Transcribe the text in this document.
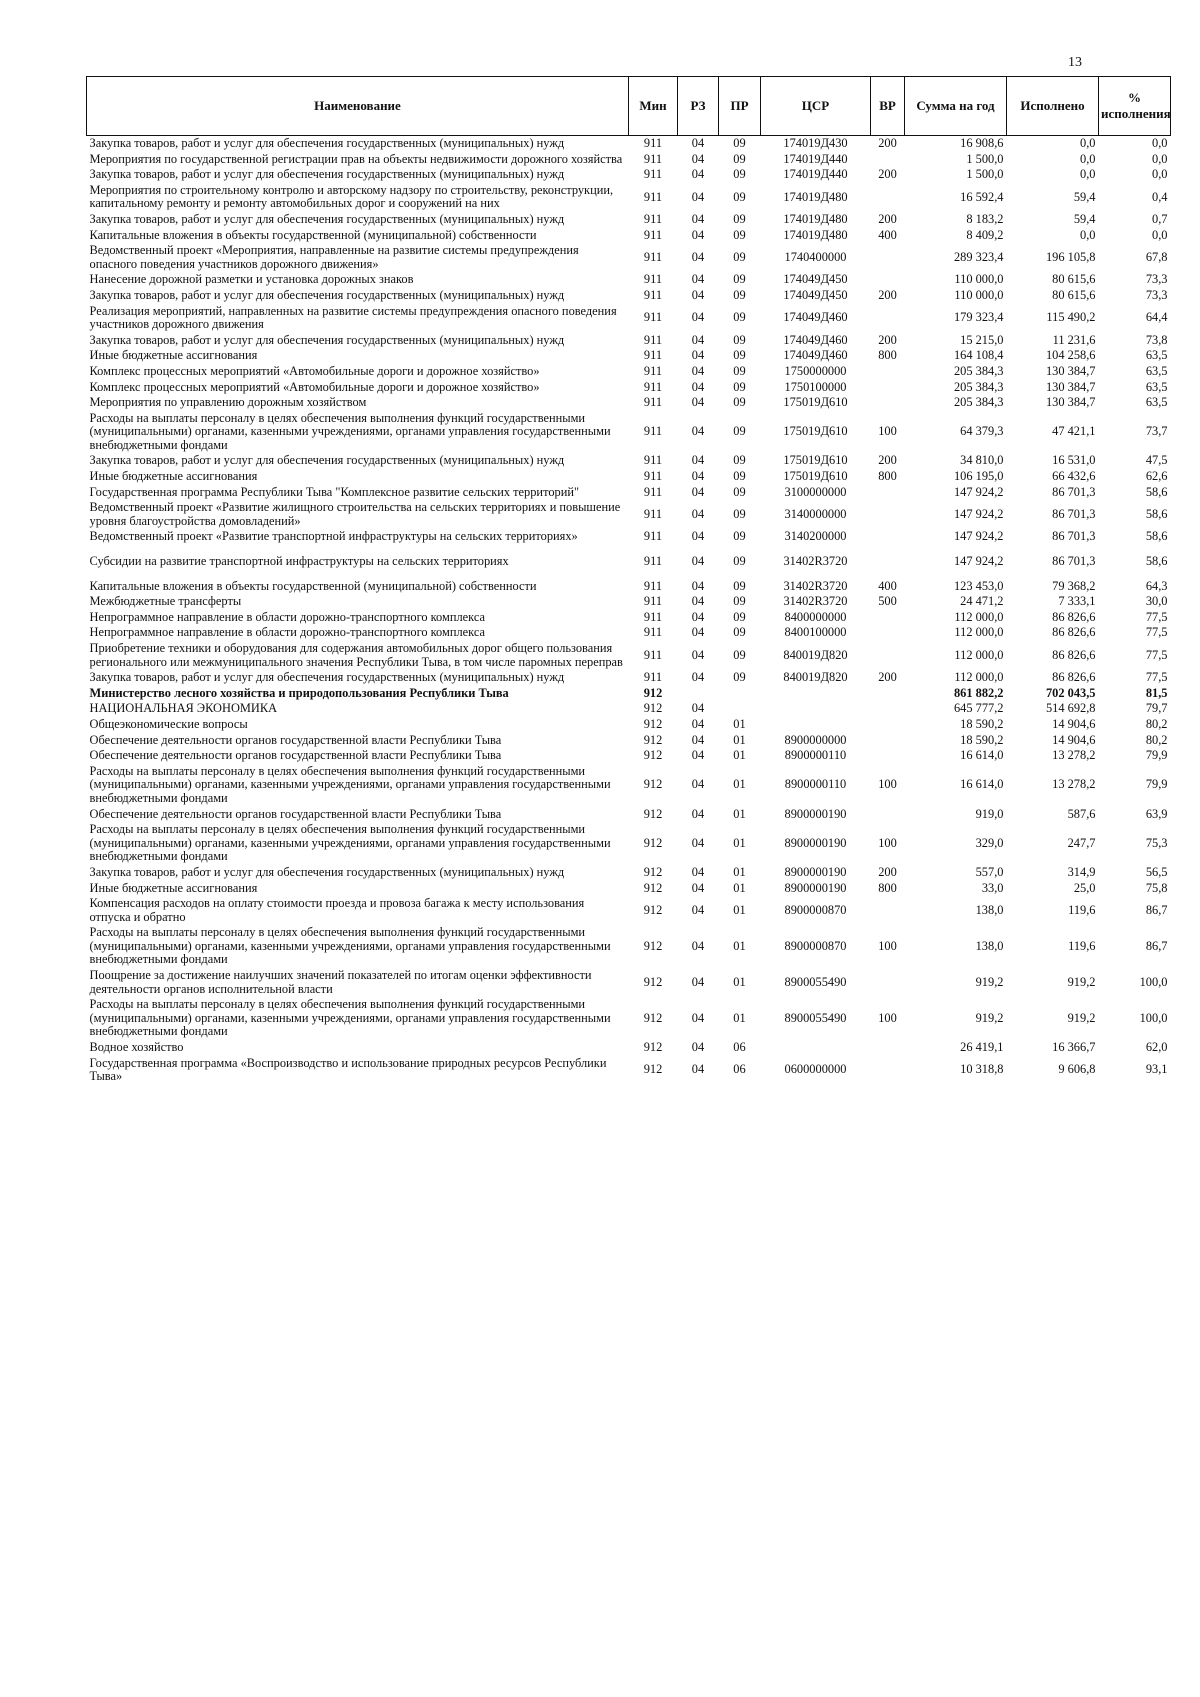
13
Наименование	Мин	РЗ	ПР	ЦСР	ВР	Сумма на год	Исполнено	% исполнения
Закупка товаров, работ и услуг для обеспечения государственных (муниципальных) нужд	911	04	09	174019Д430	200	16 908,6	0,0	0,0
Мероприятия по государственной регистрации прав на объекты недвижимости дорожного хозяйства	911	04	09	174019Д440		1 500,0	0,0	0,0
Закупка товаров, работ и услуг для обеспечения государственных (муниципальных) нужд	911	04	09	174019Д440	200	1 500,0	0,0	0,0
Мероприятия по строительному контролю и авторскому надзору по строительству, реконструкции, капитальному ремонту и ремонту автомобильных дорог и сооружений на них	911	04	09	174019Д480		16 592,4	59,4	0,4
Закупка товаров, работ и услуг для обеспечения государственных (муниципальных) нужд	911	04	09	174019Д480	200	8 183,2	59,4	0,7
Капитальные вложения в объекты государственной (муниципальной) собственности	911	04	09	174019Д480	400	8 409,2	0,0	0,0
Ведомственный проект «Мероприятия, направленные на развитие системы предупреждения опасного поведения участников дорожного движения»	911	04	09	1740400000		289 323,4	196 105,8	67,8
Нанесение дорожной разметки и установка дорожных знаков	911	04	09	174049Д450		110 000,0	80 615,6	73,3
Закупка товаров, работ и услуг для обеспечения государственных (муниципальных) нужд	911	04	09	174049Д450	200	110 000,0	80 615,6	73,3
Реализация мероприятий, направленных на развитие системы предупреждения опасного поведения участников дорожного движения	911	04	09	174049Д460		179 323,4	115 490,2	64,4
Закупка товаров, работ и услуг для обеспечения государственных (муниципальных) нужд	911	04	09	174049Д460	200	15 215,0	11 231,6	73,8
Иные бюджетные ассигнования	911	04	09	174049Д460	800	164 108,4	104 258,6	63,5
Комплекс процессных мероприятий «Автомобильные дороги и дорожное хозяйство»	911	04	09	1750000000		205 384,3	130 384,7	63,5
Комплекс процессных мероприятий «Автомобильные дороги и дорожное хозяйство»	911	04	09	1750100000		205 384,3	130 384,7	63,5
Мероприятия по управлению дорожным хозяйством	911	04	09	175019Д610		205 384,3	130 384,7	63,5
Расходы на выплаты персоналу в целях обеспечения выполнения функций государственными (муниципальными) органами, казенными учреждениями, органами управления государственными внебюджетными фондами	911	04	09	175019Д610	100	64 379,3	47 421,1	73,7
Закупка товаров, работ и услуг для обеспечения государственных (муниципальных) нужд	911	04	09	175019Д610	200	34 810,0	16 531,0	47,5
Иные бюджетные ассигнования	911	04	09	175019Д610	800	106 195,0	66 432,6	62,6
Государственная программа Республики Тыва "Комплексное развитие сельских территорий"	911	04	09	3100000000		147 924,2	86 701,3	58,6
Ведомственный проект «Развитие жилищного строительства на сельских территориях и повышение уровня благоустройства домовладений»	911	04	09	3140000000		147 924,2	86 701,3	58,6
Ведомственный проект «Развитие транспортной инфраструктуры на сельских территориях»	911	04	09	3140200000		147 924,2	86 701,3	58,6
Субсидии на развитие транспортной инфраструктуры на сельских территориях	911	04	09	31402R3720		147 924,2	86 701,3	58,6
Капитальные вложения в объекты государственной (муниципальной) собственности	911	04	09	31402R3720	400	123 453,0	79 368,2	64,3
Межбюджетные трансферты	911	04	09	31402R3720	500	24 471,2	7 333,1	30,0
Непрограммное направление в области дорожно-транспортного комплекса	911	04	09	8400000000		112 000,0	86 826,6	77,5
Непрограммное направление в области дорожно-транспортного комплекса	911	04	09	8400100000		112 000,0	86 826,6	77,5
Приобретение техники и оборудования для содержания автомобильных дорог общего пользования регионального или межмуниципального значения Республики Тыва, в том числе паромных переправ	911	04	09	840019Д820		112 000,0	86 826,6	77,5
Закупка товаров, работ и услуг для обеспечения государственных (муниципальных) нужд	911	04	09	840019Д820	200	112 000,0	86 826,6	77,5
Министерство лесного хозяйства и природопользования Республики Тыва	912					861 882,2	702 043,5	81,5
НАЦИОНАЛЬНАЯ ЭКОНОМИКА	912	04				645 777,2	514 692,8	79,7
Общеэкономические вопросы	912	04	01			18 590,2	14 904,6	80,2
Обеспечение деятельности органов государственной власти Республики Тыва	912	04	01	8900000000		18 590,2	14 904,6	80,2
Обеспечение деятельности органов государственной власти Республики Тыва	912	04	01	8900000110		16 614,0	13 278,2	79,9
Расходы на выплаты персоналу в целях обеспечения выполнения функций государственными (муниципальными) органами, казенными учреждениями, органами управления государственными внебюджетными фондами	912	04	01	8900000110	100	16 614,0	13 278,2	79,9
Обеспечение деятельности органов государственной власти Республики Тыва	912	04	01	8900000190		919,0	587,6	63,9
Расходы на выплаты персоналу в целях обеспечения выполнения функций государственными (муниципальными) органами, казенными учреждениями, органами управления государственными внебюджетными фондами	912	04	01	8900000190	100	329,0	247,7	75,3
Закупка товаров, работ и услуг для обеспечения государственных (муниципальных) нужд	912	04	01	8900000190	200	557,0	314,9	56,5
Иные бюджетные ассигнования	912	04	01	8900000190	800	33,0	25,0	75,8
Компенсация расходов на оплату стоимости проезда и провоза багажа к месту использования отпуска и обратно	912	04	01	8900000870		138,0	119,6	86,7
Расходы на выплаты персоналу в целях обеспечения выполнения функций государственными (муниципальными) органами, казенными учреждениями, органами управления государственными внебюджетными фондами	912	04	01	8900000870	100	138,0	119,6	86,7
Поощрение за достижение наилучших значений показателей по итогам оценки эффективности деятельности органов исполнительной власти	912	04	01	8900055490		919,2	919,2	100,0
Расходы на выплаты персоналу в целях обеспечения выполнения функций государственными (муниципальными) органами, казенными учреждениями, органами управления государственными внебюджетными фондами	912	04	01	8900055490	100	919,2	919,2	100,0
Водное хозяйство	912	04	06			26 419,1	16 366,7	62,0
Государственная программа «Воспроизводство и использование природных ресурсов Республики Тыва»	912	04	06	0600000000		10 318,8	9 606,8	93,1
